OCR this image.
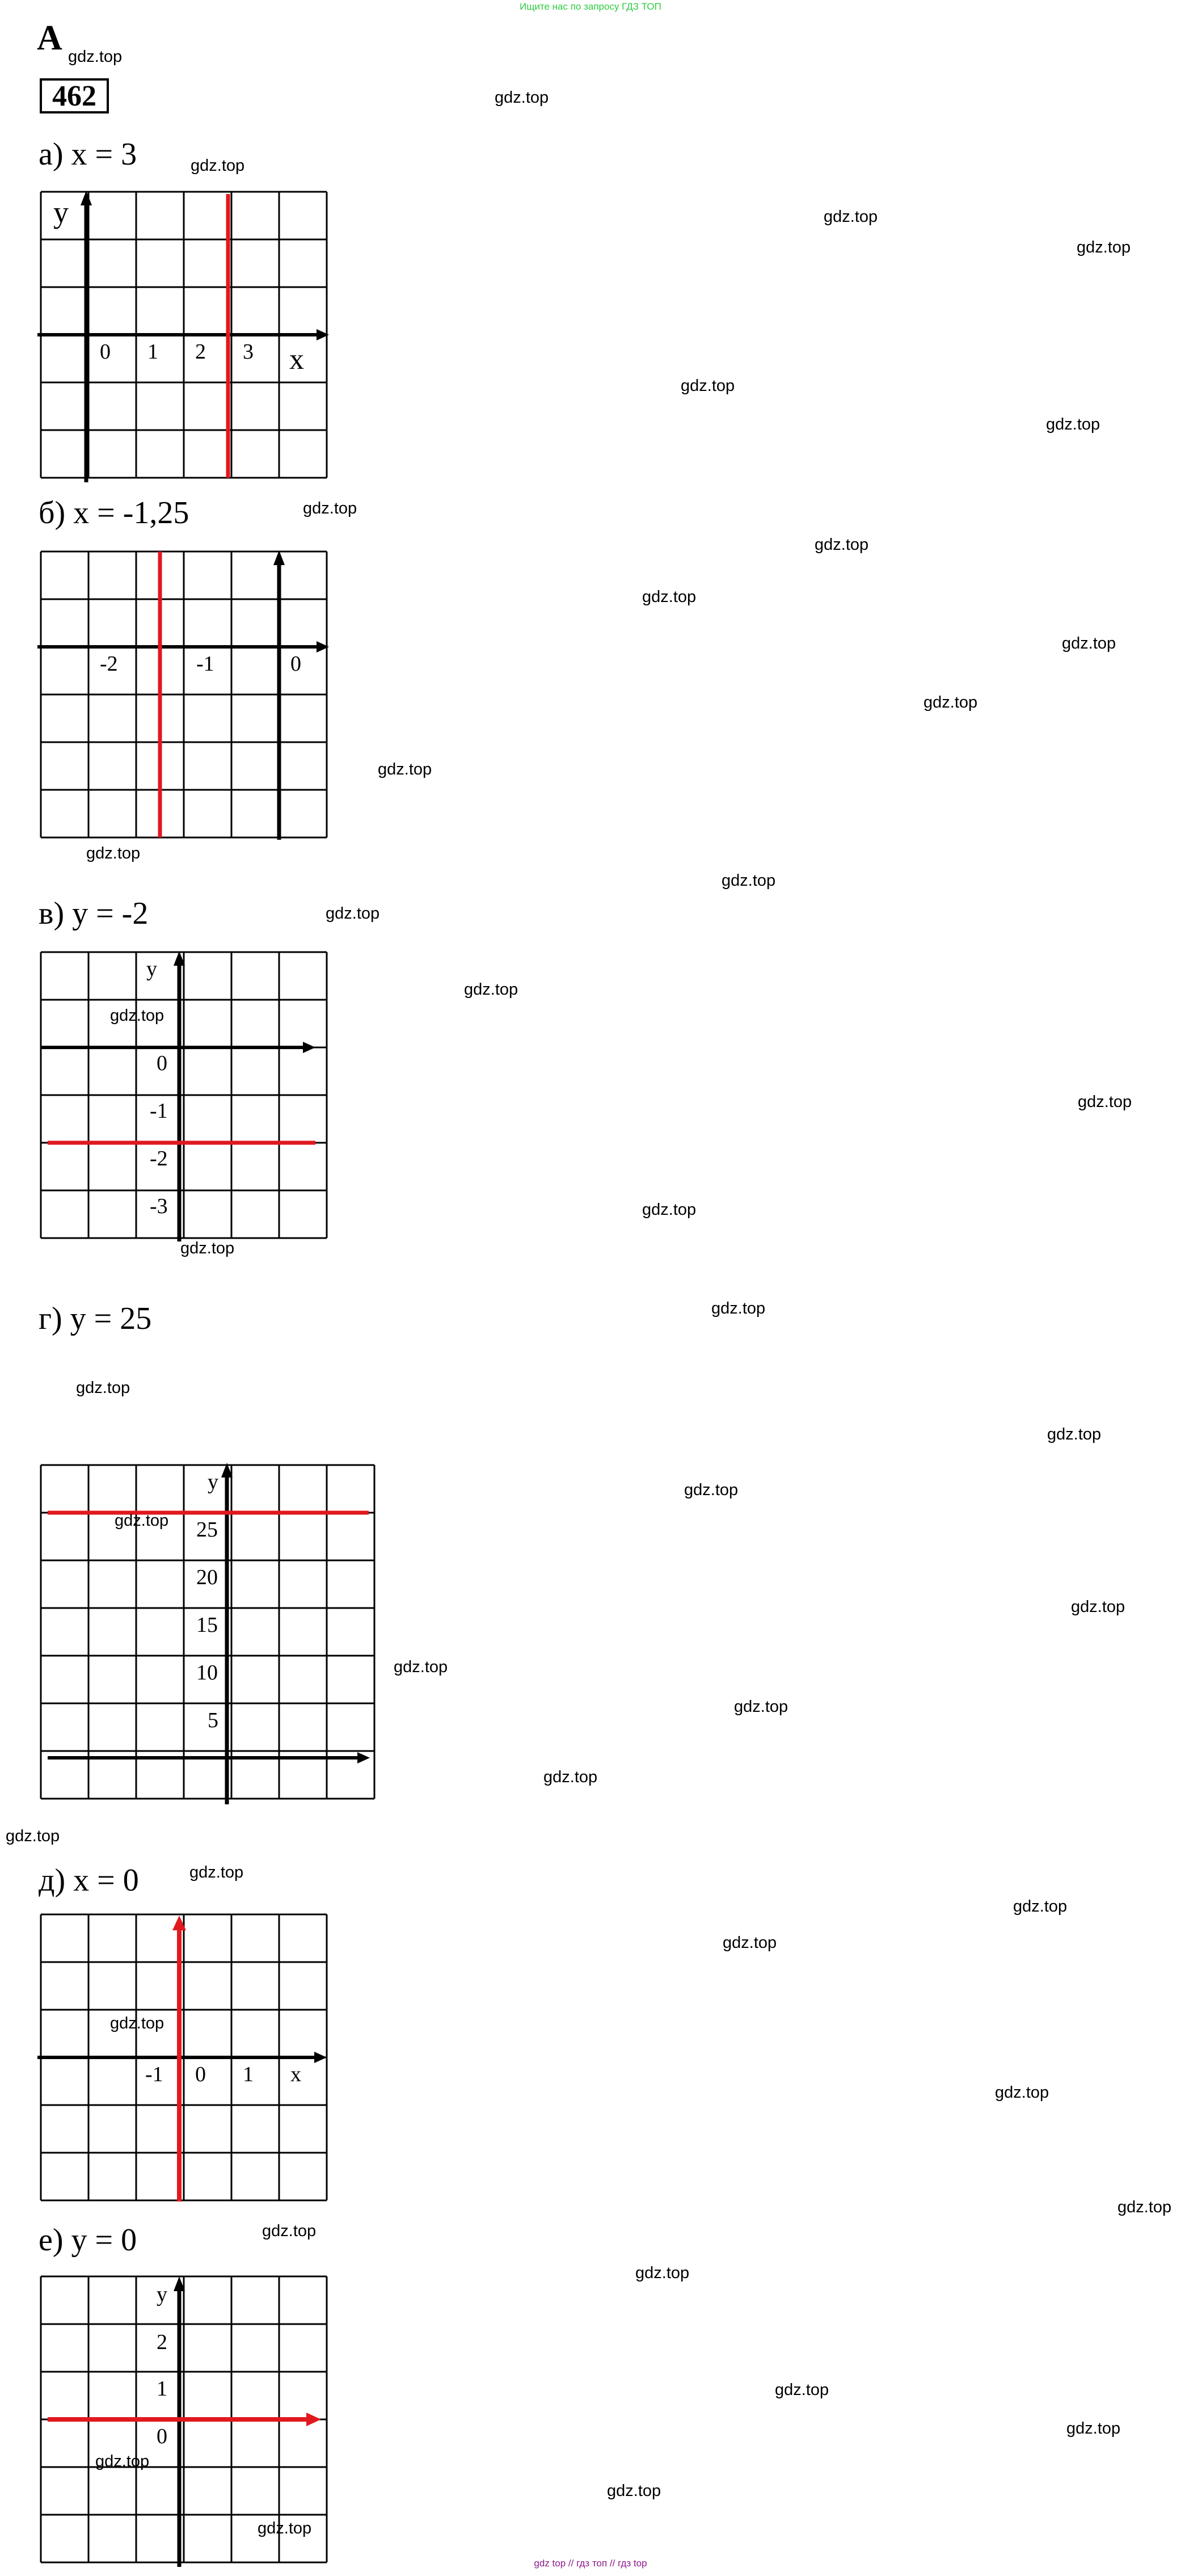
Ищите нас по запросу ГДЗ ТОП
A
462
а) x = 3
y
x
0 1 2 3
б) x = -1,25
-2	-1	0
в) y = -2
y
0
-1
-2
-3
г) y = 25
y
25
20
15
10
5
д) x = 0
-1 0 1 x
е) y = 0
y
2
1
0
gdz.top
gdz.top
gdz.top
gdz.top
gdz.top
gdz.top
gdz.top
gdz.top
gdz.top
gdz.top
gdz.top
gdz.top
gdz.top
gdz.top
gdz.top
gdz.top
gdz.top
gdz.top
gdz.top
gdz.top
gdz.top
gdz.top
gdz.top
gdz.top
gdz.top
gdz.top
gdz.top
gdz.top
gdz.top
gdz.top
gdz.top
gdz.top
gdz.top
gdz.top
gdz.top
gdz.top
gdz.top
gdz.top
gdz.top
gdz.top
gdz.top
gdz.top
gdz.top
gdz.top
gdz top // гдз топ // гдз top
